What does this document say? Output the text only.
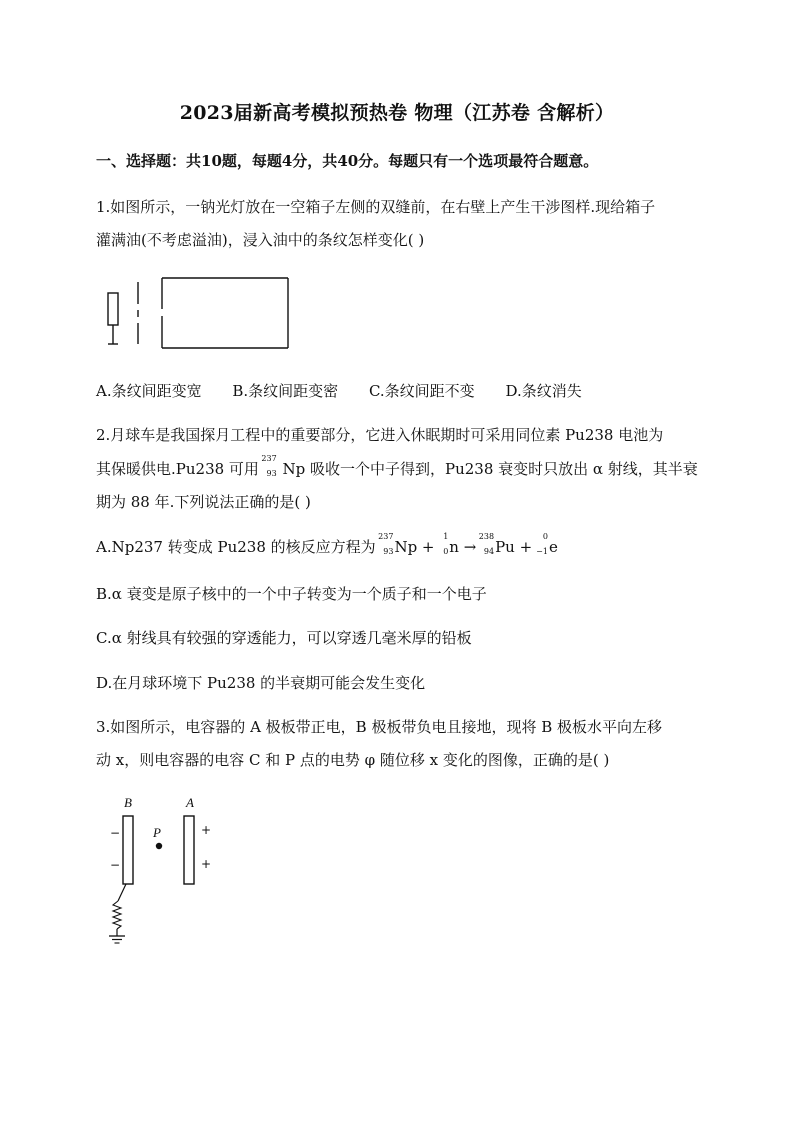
2023届新高考模拟预热卷 物理（江苏卷 含解析）
一、选择题：共10题，每题4分，共40分。每题只有一个选项最符合题意。
1.如图所示，一钠光灯放在一空箱子左侧的双缝前，在右壁上产生干涉图样.现给箱子
灌满油(不考虑溢油)，浸入油中的条纹怎样变化( )
A.条纹间距变宽 B.条纹间距变密 C.条纹间距不变 D.条纹消失
2.月球车是我国探月工程中的重要部分，它进入休眠期时可采用同位素 Pu238 电池为
其保暖供电.Pu238 可用
237
93 Np 吸收一个中子得到，Pu238 衰变时只放出 α 射线，其半衰
期为 88 年.下列说法正确的是( )
A.Np237 转变成 Pu238 的核反应方程为
237
93 Np +
1
0 n →
238
94 Pu +
0
−1 e
B.α 衰变是原子核中的一个中子转变为一个质子和一个电子
C.α 射线具有较强的穿透能力，可以穿透几毫米厚的铅板
D.在月球环境下 Pu238 的半衰期可能会发生变化
3.如图所示，电容器的 A 极板带正电，B 极板带负电且接地，现将 B 极板水平向左移
动 x，则电容器的电容 C 和 P 点的电势 φ 随位移 x 变化的图像，正确的是( )
B	A
−
−
+
+
P
